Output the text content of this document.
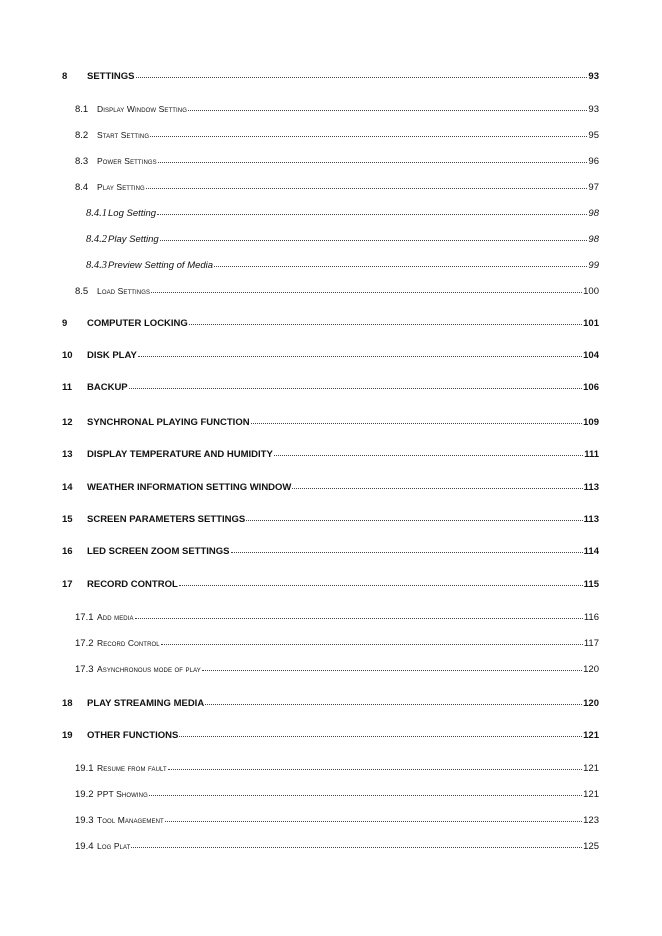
8	SETTINGS	93
8.1	Display Window Setting	93
8.2	Start Setting	95
8.3	Power Settings	96
8.4	Play Setting	97
8.4.1 Log Setting	98
8.4.2 Play Setting	98
8.4.3 Preview Setting of Media	99
8.5	Load Settings	100
9	COMPUTER LOCKING	101
10	DISK PLAY	104
11	BACKUP	106
12	SYNCHRONAL PLAYING FUNCTION	109
13	DISPLAY TEMPERATURE AND HUMIDITY	111
14	WEATHER INFORMATION SETTING WINDOW	113
15	SCREEN PARAMETERS SETTINGS	113
16	LED SCREEN ZOOM SETTINGS	114
17	RECORD CONTROL	115
17.1 Add media	116
17.2 Record Control	117
17.3 Asynchronous mode of play	120
18	PLAY STREAMING MEDIA	120
19	OTHER FUNCTIONS	121
19.1 Resume from fault	121
19.2 PPT Showing	121
19.3 Tool Management	123
19.4 Log Plat	125
